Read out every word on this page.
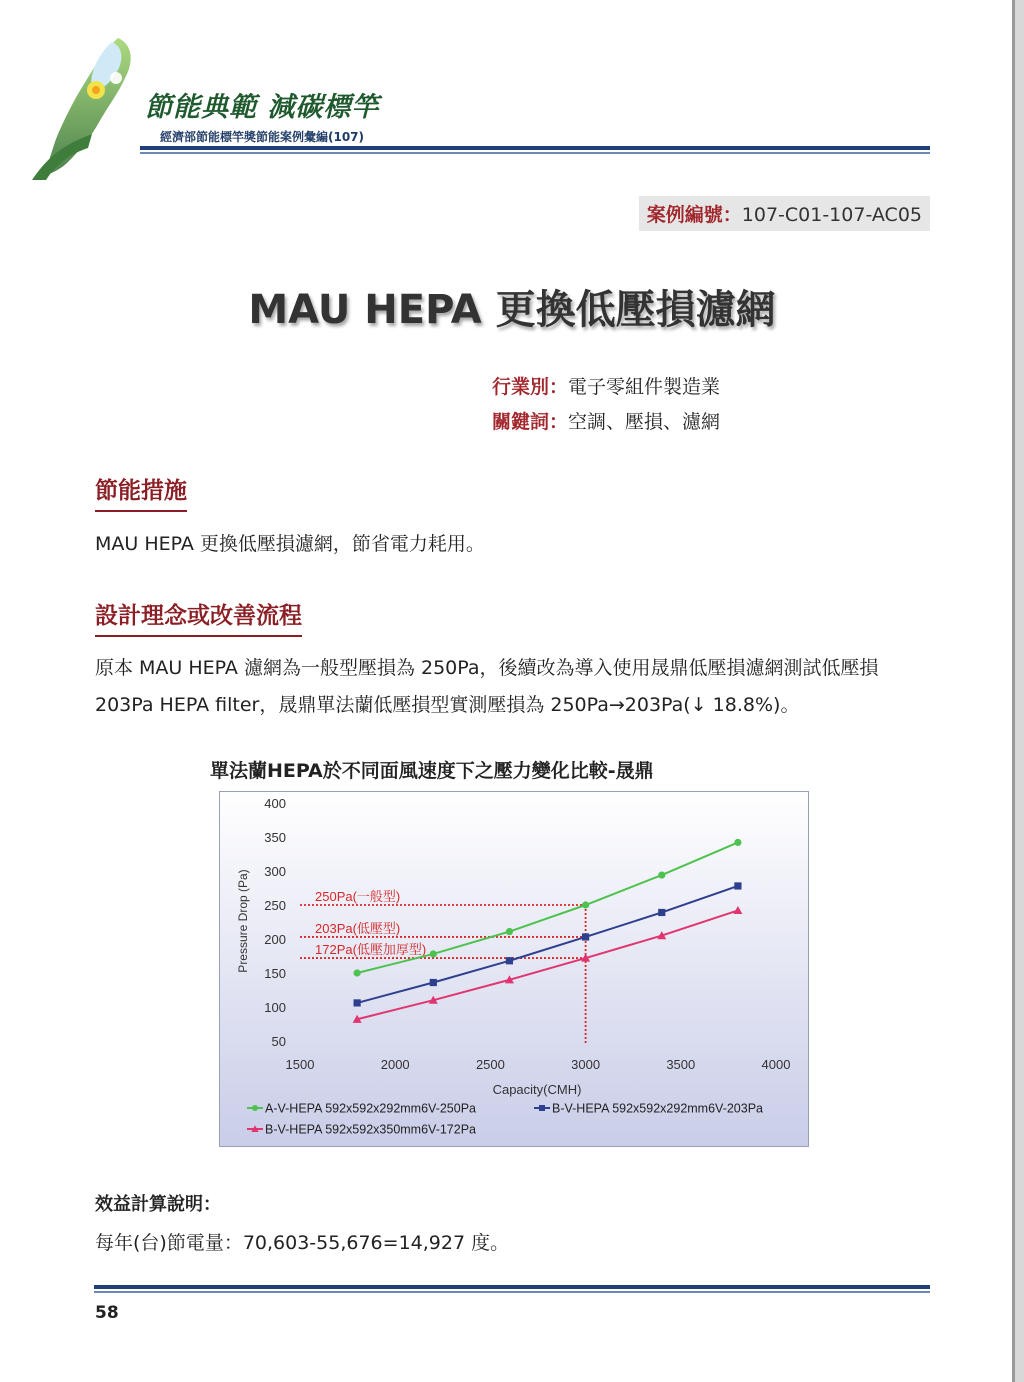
節能典範 減碳標竿
經濟部節能標竿獎節能案例彙編(107)
案例編號：107-C01-107-AC05
MAU HEPA 更換低壓損濾網
行業別：電子零組件製造業
關鍵詞：空調、壓損、濾網
節能措施
MAU HEPA 更換低壓損濾網，節省電力耗用。
設計理念或改善流程
原本 MAU HEPA 濾網為一般型壓損為 250Pa，後續改為導入使用晟鼎低壓損濾網測試低壓損 203Pa HEPA filter，晟鼎單法蘭低壓損型實測壓損為 250Pa→203Pa(↓ 18.8%)。
單法蘭HEPA於不同面風速度下之壓力變化比較-晟鼎
50
100
150
200
250
300
350
400
1500	2000	2500	3000	3500	4000
250Pa(一般型)
203Pa(低壓型)
172Pa(低壓加厚型)
Pressure Drop (Pa)
Capacity(CMH)
A-V-HEPA 592x592x292mm6V-250Pa	B-V-HEPA 592x592x292mm6V-203Pa
B-V-HEPA 592x592x350mm6V-172Pa
效益計算說明：
每年(台)節電量：70,603-55,676=14,927 度。
58
